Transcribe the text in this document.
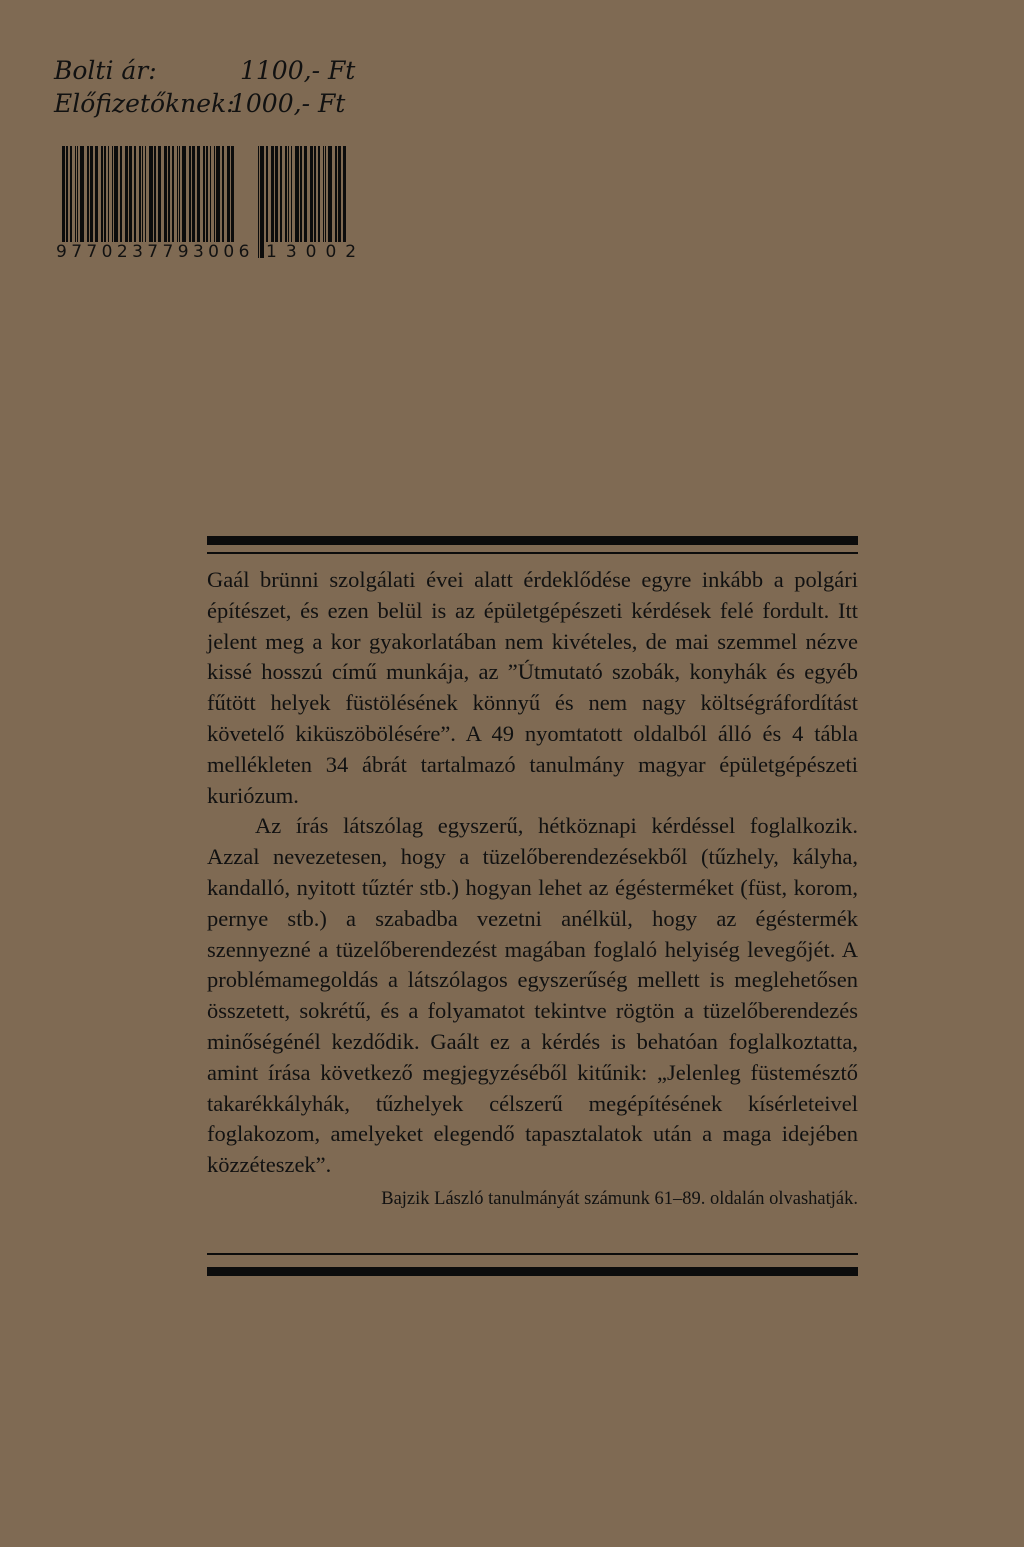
Bolti ár:	1100,- Ft
Előfizetőknek:
1000,- Ft
9770237793006 13002

Gaál brünni szolgálati évei alatt érdeklődése egyre inkább a polgári építészet, és ezen belül is az épületgépészeti kérdések felé fordult. Itt jelent meg a kor gyakorlatában nem kivételes, de mai szemmel nézve kissé hosszú című munkája, az ”Útmutató szobák, konyhák és egyéb fűtött helyek füstölésének könnyű és nem nagy költségráfordítást követelő kiküszöbölésére”. A 49 nyomtatott oldalból álló és 4 tábla mellékleten 34 ábrát tartalmazó tanulmány magyar épületgépészeti kuriózum.

Az írás látszólag egyszerű, hétköznapi kérdéssel foglalkozik. Azzal nevezetesen, hogy a tüzelőberendezésekből (tűzhely, kályha, kandalló, nyitott tűztér stb.) hogyan lehet az égésterméket (füst, korom, pernye stb.) a szabadba vezetni anélkül, hogy az égéstermék szennyezné a tüzelőberendezést magában foglaló helyiség levegőjét. A problémamegoldás a látszólagos egyszerűség mellett is meglehetősen összetett, sokrétű, és a folyamatot tekintve rögtön a tüzelőberendezés minőségénél kezdődik. Gaált ez a kérdés is behatóan foglalkoztatta, amint írása következő megjegyzéséből kitűnik: „Jelenleg füstemésztő takarékkályhák, tűzhelyek célszerű megépítésének kísérleteivel foglakozom, amelyeket elegendő tapasztalatok után a maga idejében közzéteszek”.

Bajzik László tanulmányát számunk 61–89. oldalán olvashatják.
